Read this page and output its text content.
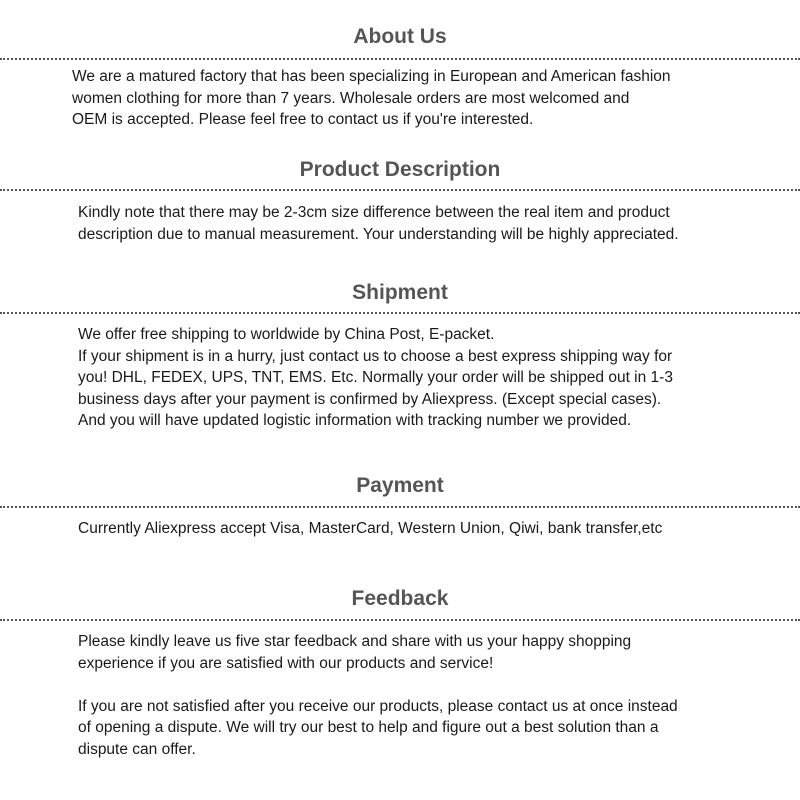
About Us

We are a matured factory that has been specializing in European and American fashion

women clothing for more than 7 years. Wholesale orders are most welcomed and

OEM is accepted. Please feel free to contact us if you're interested.

Product Description

Kindly note that there may be 2-3cm size difference between the real item and product

description due to manual measurement. Your understanding will be highly appreciated.

Shipment

We offer free shipping to worldwide by China Post, E-packet.

If your shipment is in a hurry, just contact us to choose a best express shipping way for

you! DHL, FEDEX, UPS, TNT, EMS. Etc. Normally your order will be shipped out in 1-3

business days after your payment is confirmed by Aliexpress. (Except special cases).

And you will have updated logistic information with tracking number we provided.

Payment

Currently Aliexpress accept Visa, MasterCard, Western Union, Qiwi, bank transfer,etc

Feedback

Please kindly leave us five star feedback and share with us your happy shopping

experience if you are satisfied with our products and service!

If you are not satisfied after you receive our products, please contact us at once instead

of opening a dispute. We will try our best to help and figure out a best solution than a

dispute can offer.
